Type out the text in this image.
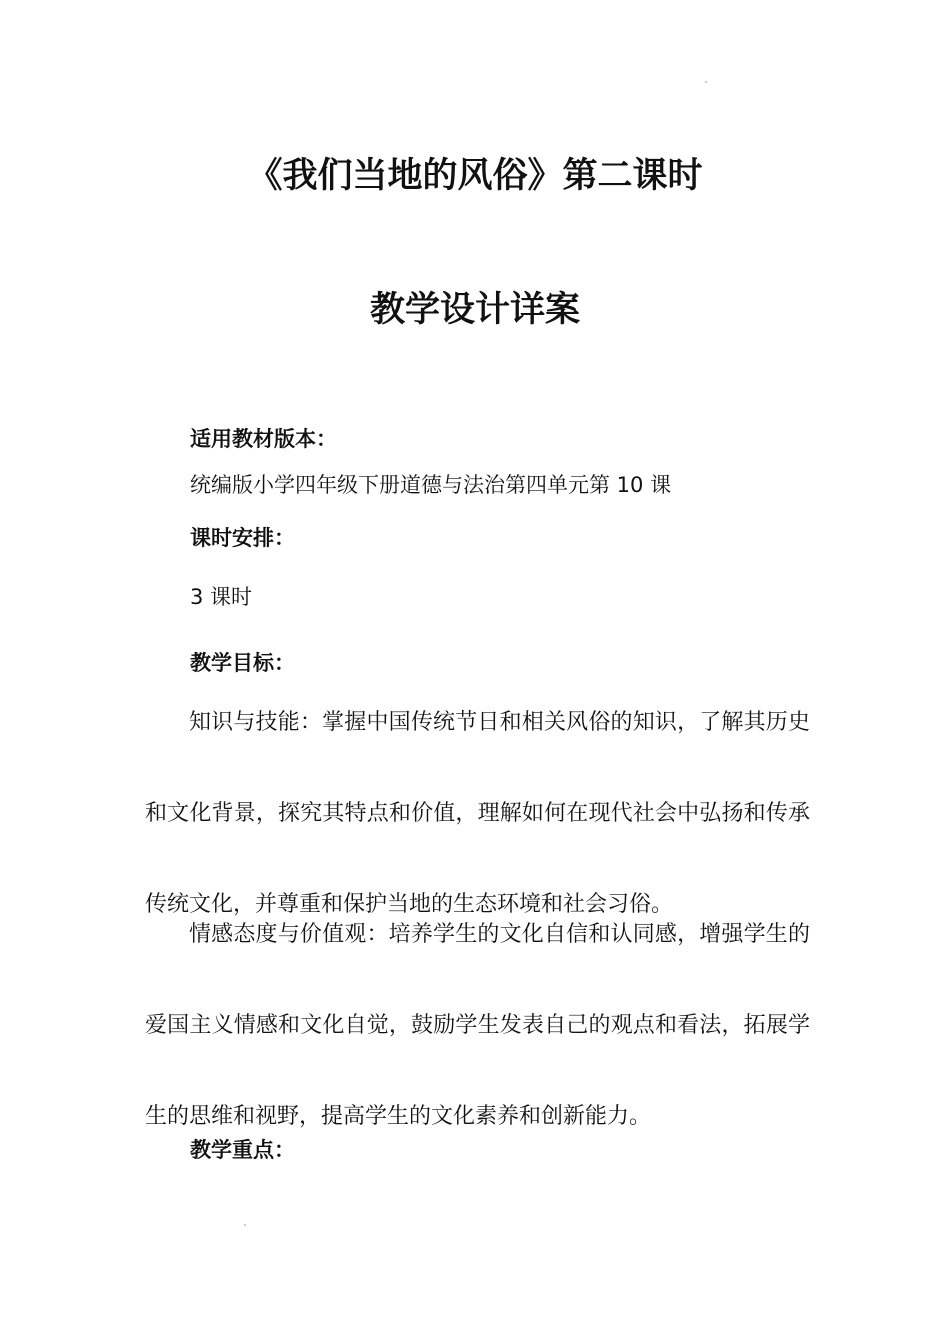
《我们当地的风俗》第二课时
教学设计详案
适用教材版本：
统编版小学四年级下册道德与法治第四单元第 10 课
课时安排：
3 课时
教学目标：
知识与技能：掌握中国传统节日和相关风俗的知识，了解其历史和文化背景，探究其特点和价值，理解如何在现代社会中弘扬和传承传统文化，并尊重和保护当地的生态环境和社会习俗。
情感态度与价值观：培养学生的文化自信和认同感，增强学生的爱国主义情感和文化自觉，鼓励学生发表自己的观点和看法，拓展学生的思维和视野，提高学生的文化素养和创新能力。
教学重点：
